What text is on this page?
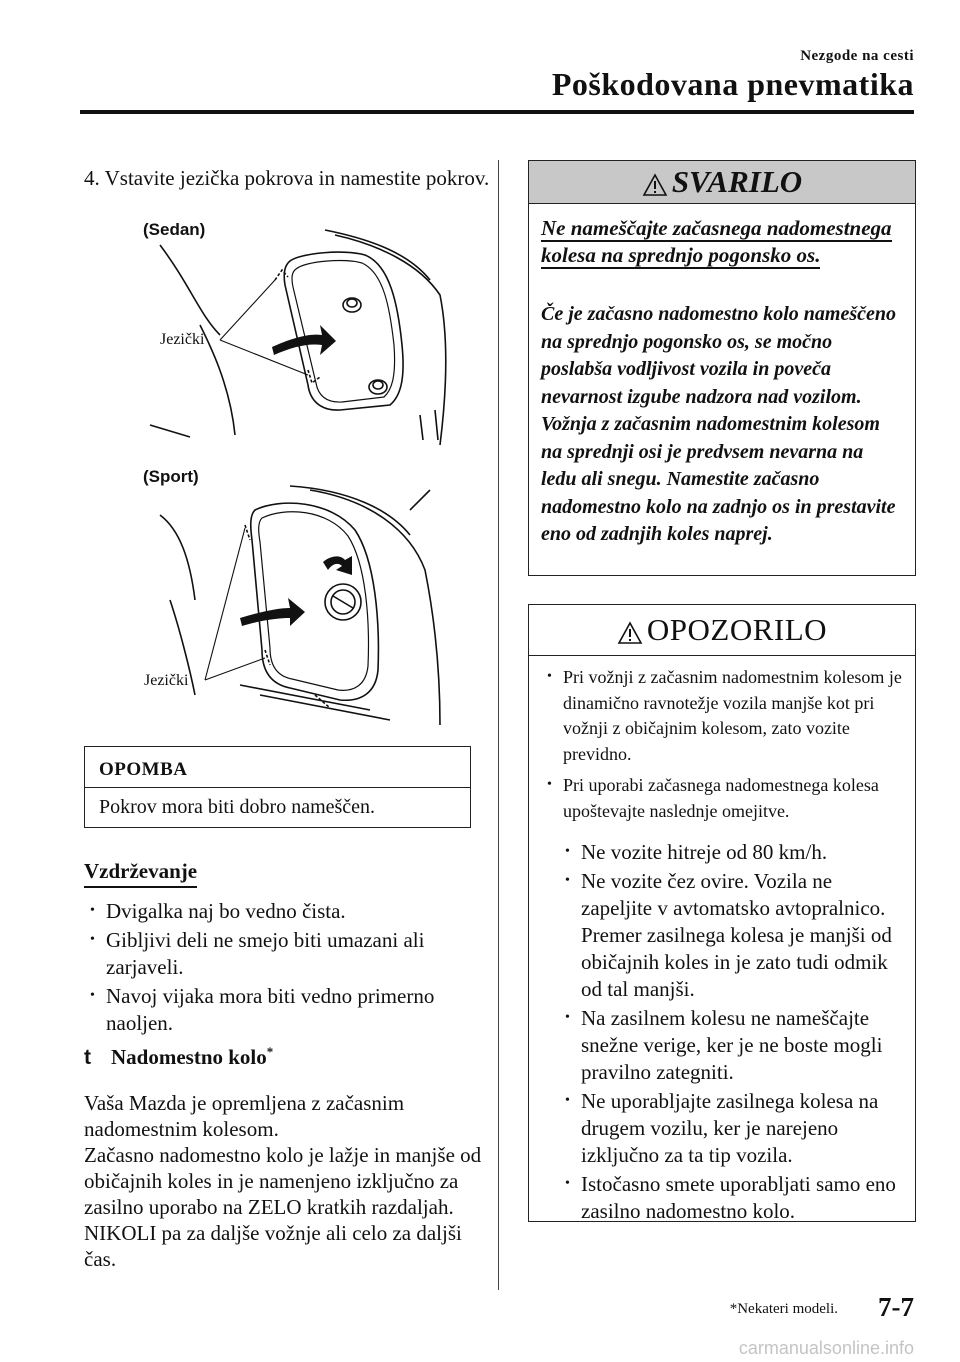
Nezgode na cesti
Poškodovana pnevmatika
4. Vstavite jezička pokrova in namestite pokrov.
(Sedan)
Jezički
(Sport)
Jezički
OPOMBA
Pokrov mora biti dobro nameščen.
Vzdrževanje
• Dvigalka naj bo vedno čista.
• Gibljivi deli ne smejo biti umazani ali zarjaveli.
• Navoj vijaka mora biti vedno primerno naoljen.
t Nadomestno kolo*
Vaša Mazda je opremljena z začasnim nadomestnim kolesom.
Začasno nadomestno kolo je lažje in manjše od običajnih koles in je namenjeno izključno za zasilno uporabo na ZELO kratkih razdaljah. NIKOLI pa za daljše vožnje ali celo za daljši čas.
SVARILO
Ne nameščajte začasnega nadomestnega kolesa na sprednjo pogonsko os.
Če je začasno nadomestno kolo nameščeno na sprednjo pogonsko os, se močno poslabša vodljivost vozila in poveča nevarnost izgube nadzora nad vozilom. Vožnja z začasnim nadomestnim kolesom na sprednji osi je predvsem nevarna na ledu ali snegu. Namestite začasno nadomestno kolo na zadnjo os in prestavite eno od zadnjih koles naprej.
OPOZORILO
• Pri vožnji z začasnim nadomestnim kolesom je dinamično ravnotežje vozila manjše kot pri vožnji z običajnim kolesom, zato vozite previdno.
• Pri uporabi začasnega nadomestnega kolesa upoštevajte naslednje omejitve.
• Ne vozite hitreje od 80 km/h.
• Ne vozite čez ovire. Vozila ne zapeljite v avtomatsko avtopralnico. Premer zasilnega kolesa je manjši od običajnih koles in je zato tudi odmik od tal manjši.
• Na zasilnem kolesu ne nameščajte snežne verige, ker je ne boste mogli pravilno zategniti.
• Ne uporabljajte zasilnega kolesa na drugem vozilu, ker je narejeno izključno za ta tip vozila.
• Istočasno smete uporabljati samo eno zasilno nadomestno kolo.
*Nekateri modeli. 7-7
carmanualsonline.info
